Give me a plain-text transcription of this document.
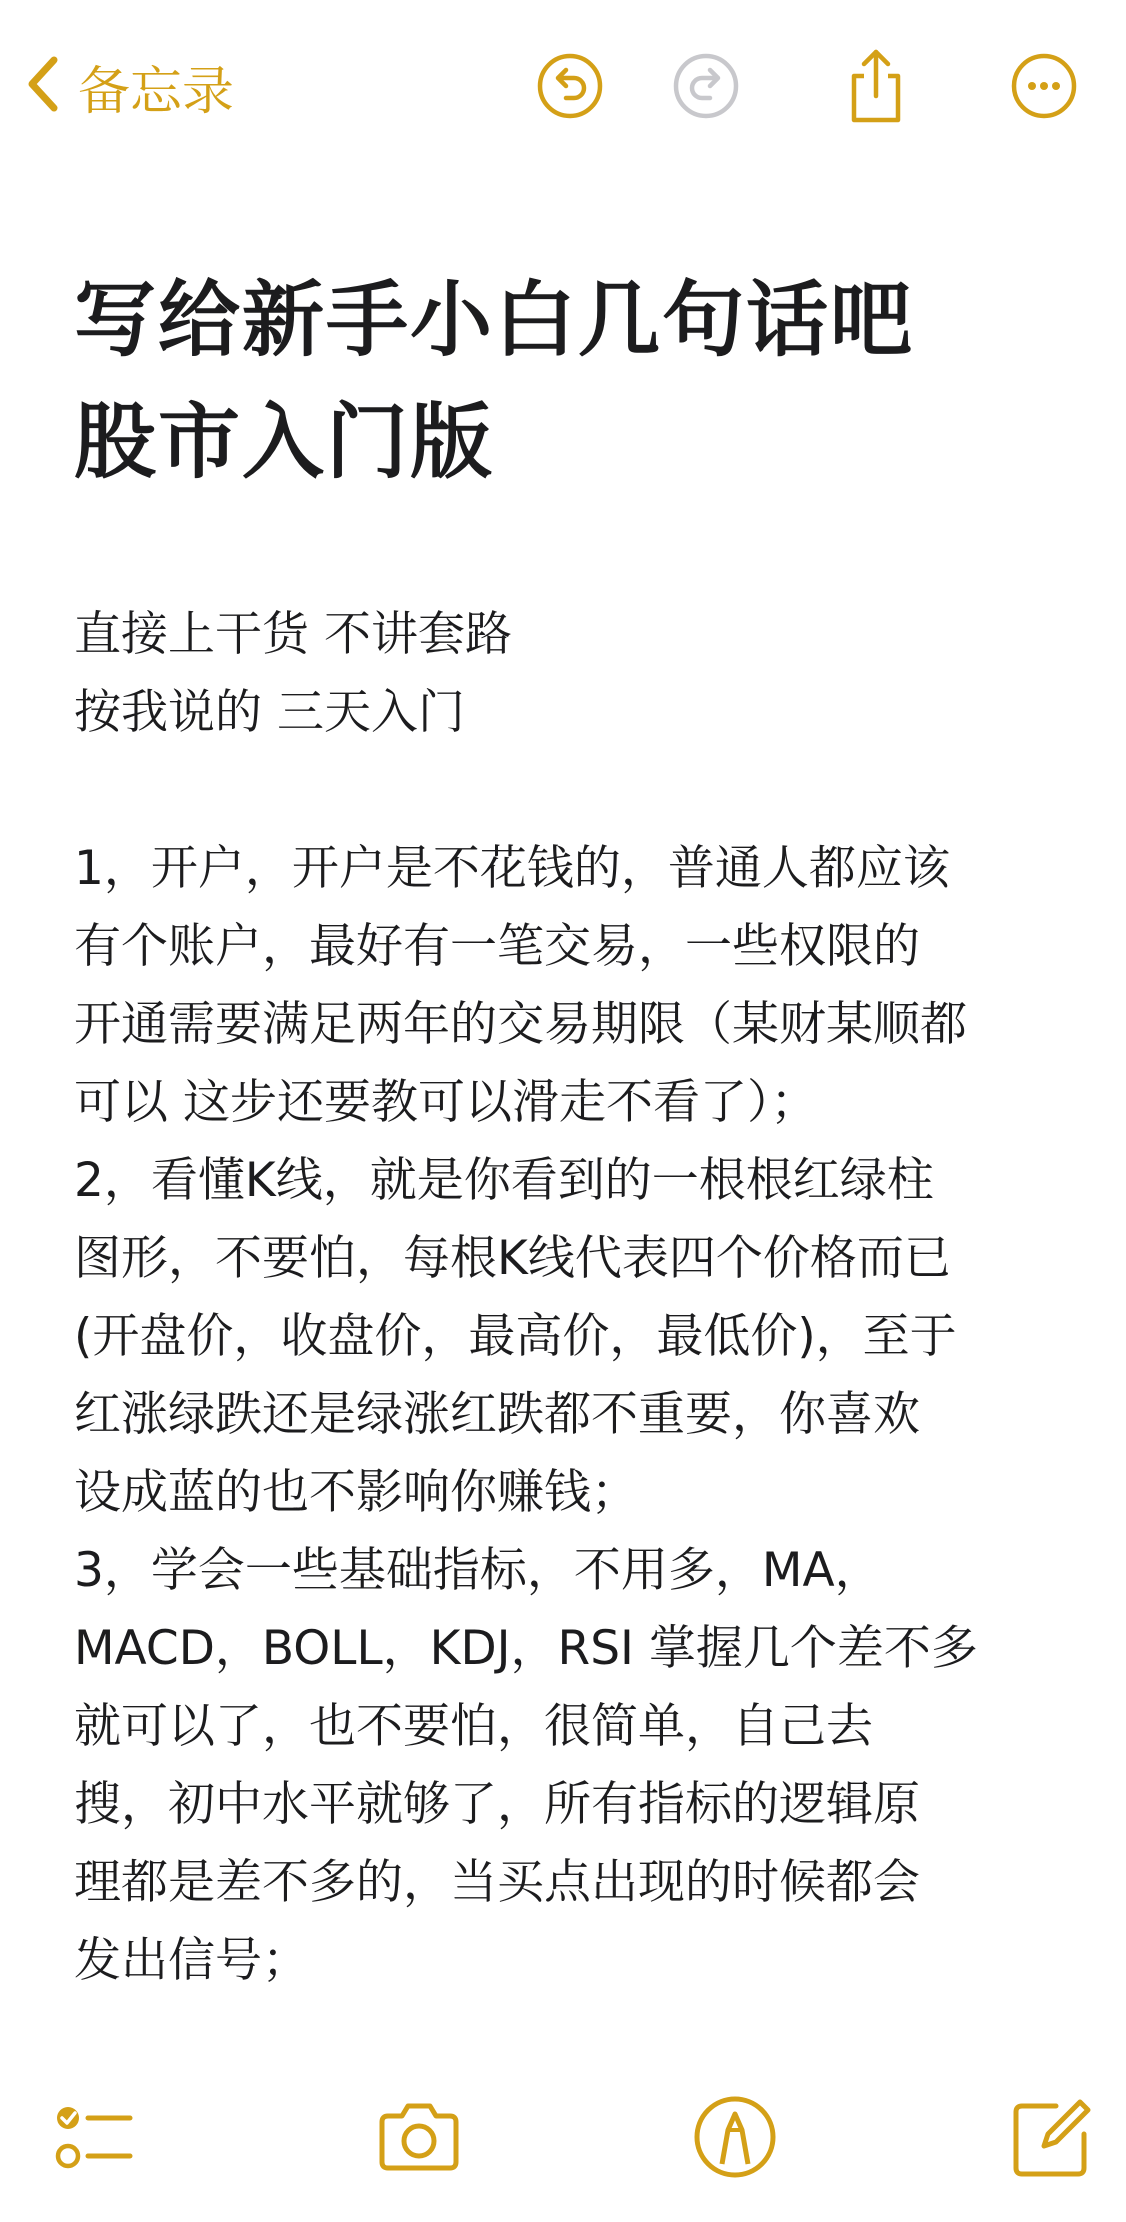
备忘录
写给新手小白几句话吧
股市入门版
直接上干货 不讲套路
按我说的 三天入门
1，开户，开户是不花钱的，普通人都应该
有个账户，最好有一笔交易，一些权限的
开通需要满足两年的交易期限（某财某顺都
可以 这步还要教可以滑走不看了）；
2，看懂K线，就是你看到的一根根红绿柱
图形，不要怕，每根K线代表四个价格而已
(开盘价，收盘价，最高价，最低价)，至于
红涨绿跌还是绿涨红跌都不重要，你喜欢
设成蓝的也不影响你赚钱；
3，学会一些基础指标，不用多，MA，
MACD，BOLL，KDJ，RSI 掌握几个差不多
就可以了，也不要怕，很简单，自己去
搜，初中水平就够了，所有指标的逻辑原
理都是差不多的，当买点出现的时候都会
发出信号；
